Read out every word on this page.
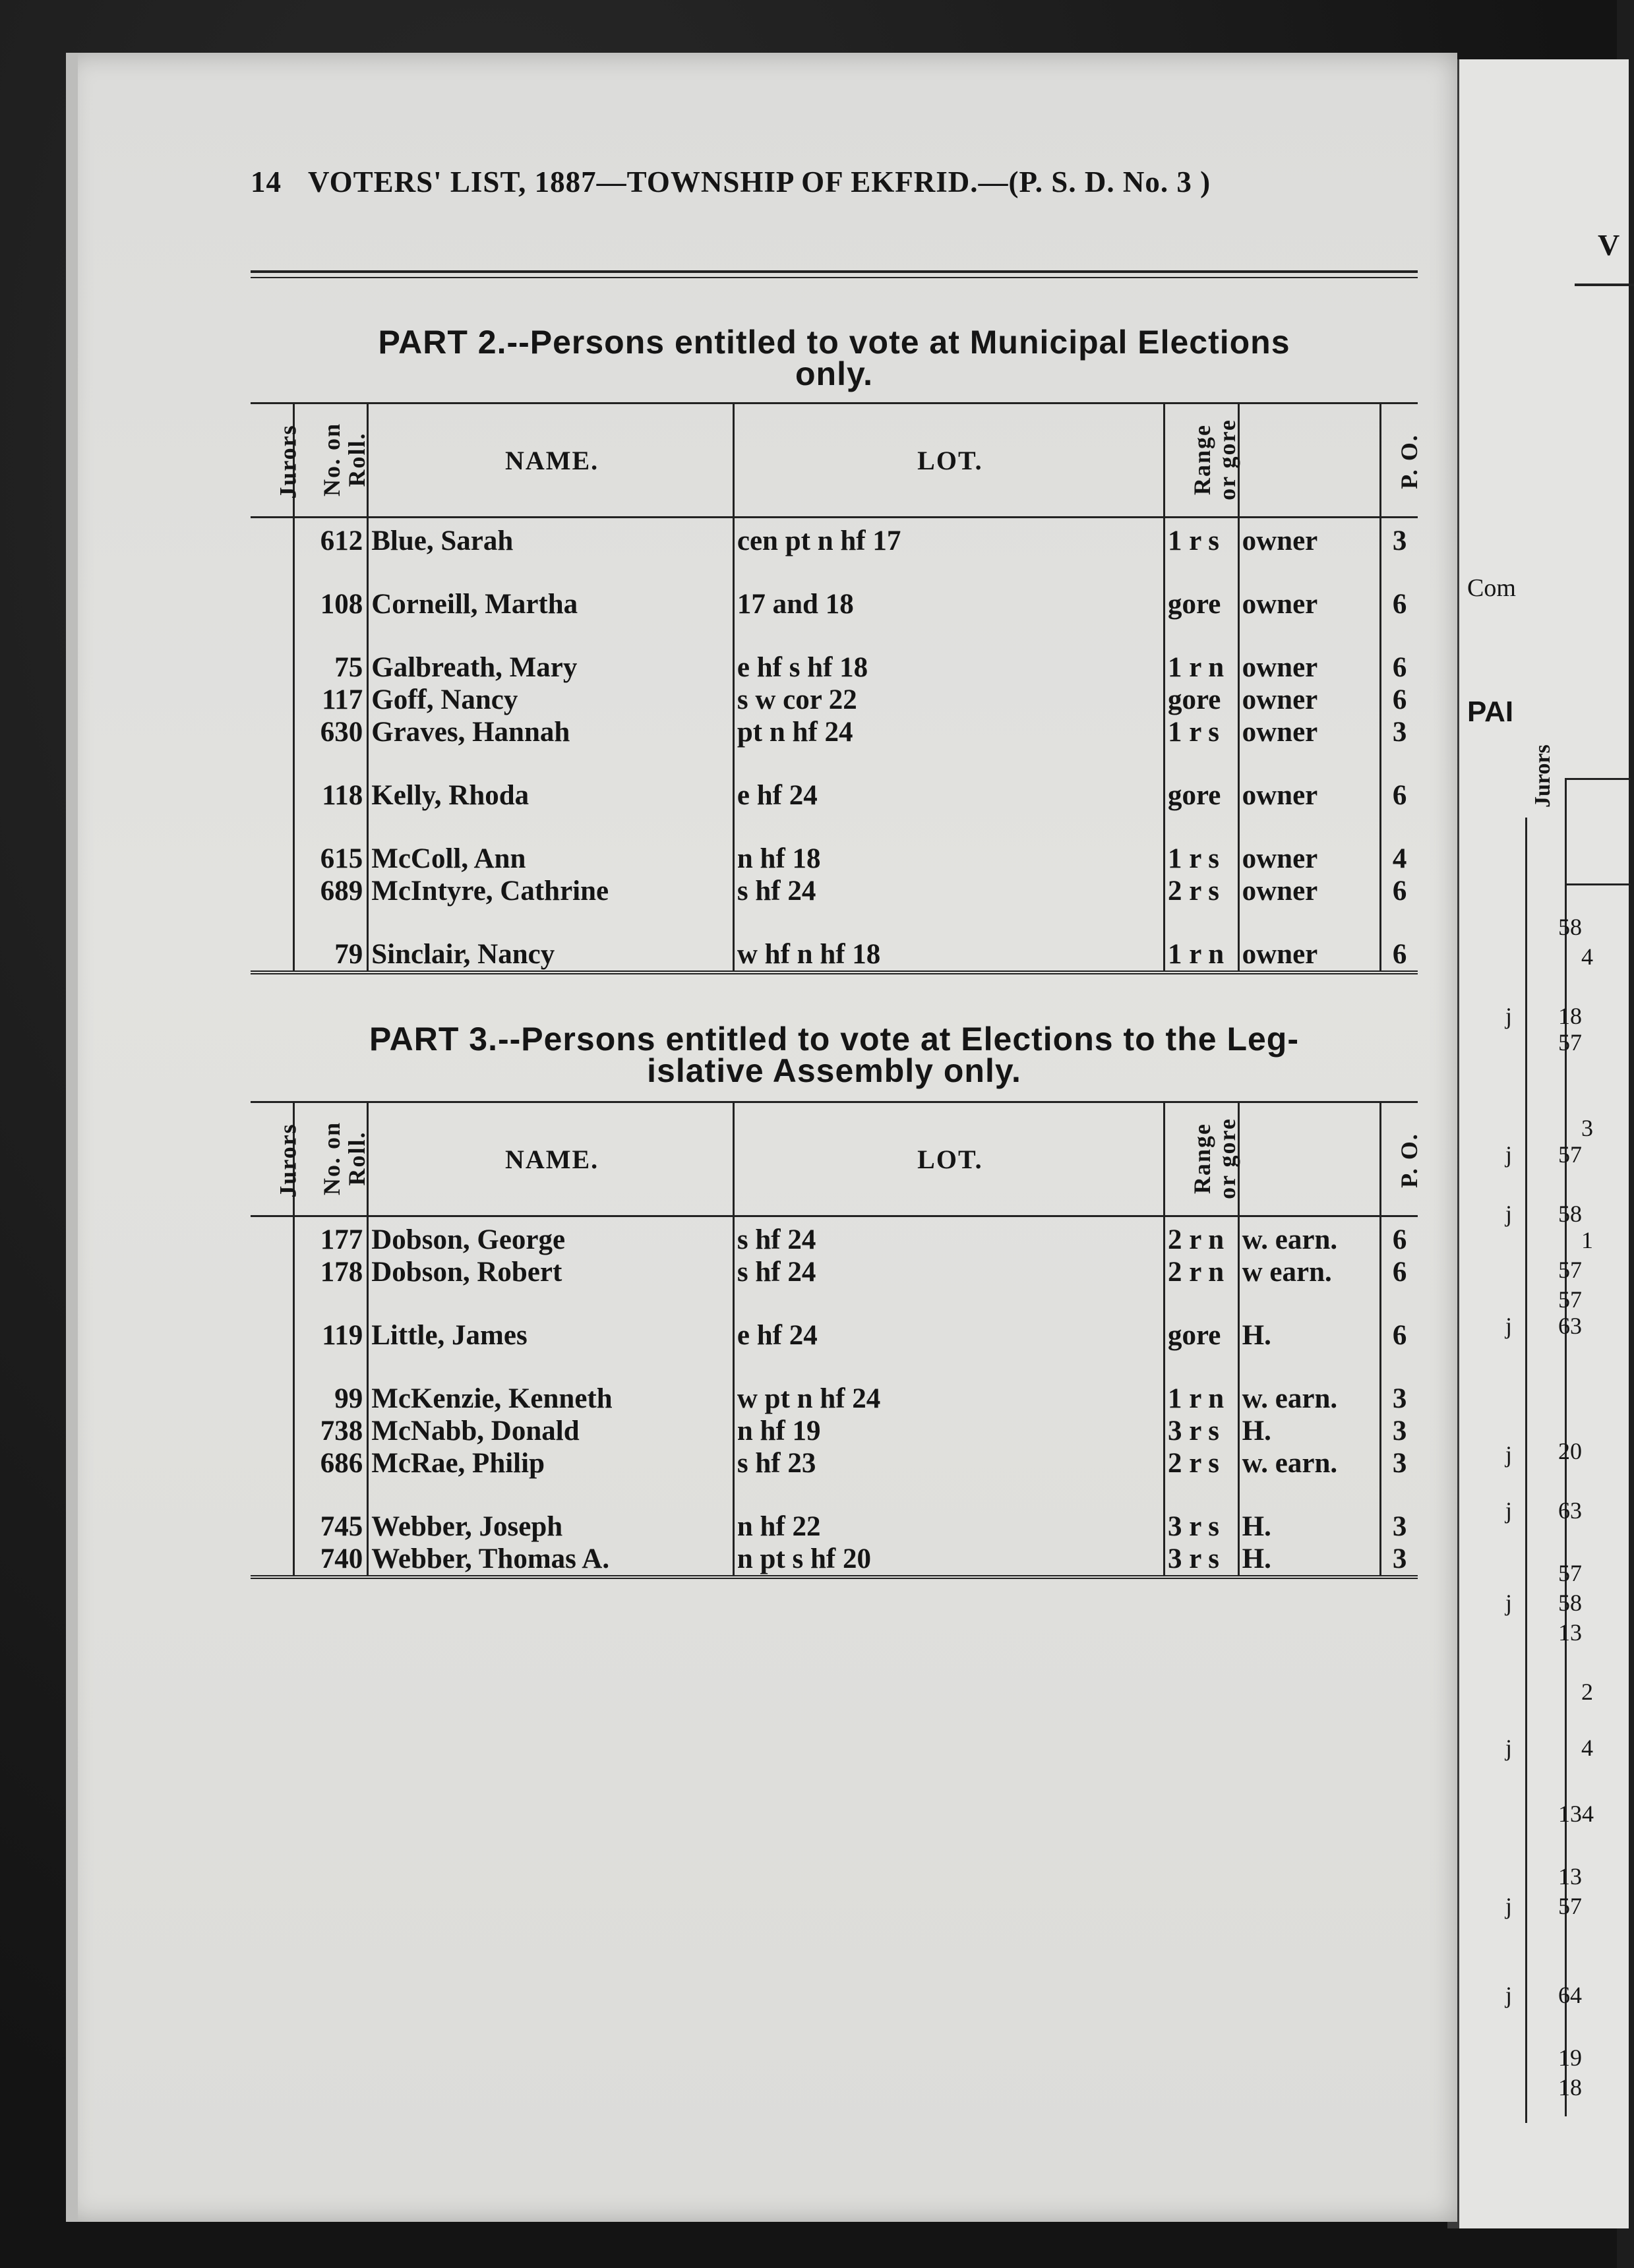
V
Com
PAI
Jurors
58
4
j 18
57
3
j 57
j 58
1
57
57
j 63
j 20
j 63
57
j 58
13
2
j	4
134
13
j 57
j 64
19
18
14 VOTERS' LIST, 1887—TOWNSHIP OF EKFRID.—(P. S. D. No. 3 )
PART 2.--Persons entitled to vote at Municipal Elections
only.
Jurors	No. on Roll.	NAME.	LOT.	Range or gore		P. O.

	612	Blue, Sarah	cen pt n hf 17	1 r s	owner	3

	108	Corneill, Martha	17 and 18	gore	owner	6

	75	Galbreath, Mary	e hf s hf 18	1 r n	owner	6
	117	Goff, Nancy	s w cor 22	gore	owner	6
	630	Graves, Hannah	pt n hf 24	1 r s	owner	3

	118	Kelly, Rhoda	e hf 24	gore	owner	6

	615	McColl, Ann	n hf 18	1 r s	owner	4
	689	McIntyre, Cathrine	s hf 24	2 r s	owner	6

	79	Sinclair, Nancy	w hf n hf 18	1 r n	owner	6
PART 3.--Persons entitled to vote at Elections to the Leg-
islative Assembly only.
Jurors	No. on Roll.	NAME.	LOT.	Range or gore		P. O.

	177	Dobson, George	s hf 24	2 r n	w. earn.	6
	178	Dobson, Robert	s hf 24	2 r n	w earn.	6

	119	Little, James	e hf 24	gore	H.	6

	99	McKenzie, Kenneth	w pt n hf 24	1 r n	w. earn.	3
	738	McNabb, Donald	n hf 19	3 r s	H.	3
	686	McRae, Philip	s hf 23	2 r s	w. earn.	3

	745	Webber, Joseph	n hf 22	3 r s	H.	3
	740	Webber, Thomas A.	n pt s hf 20	3 r s	H.	3
